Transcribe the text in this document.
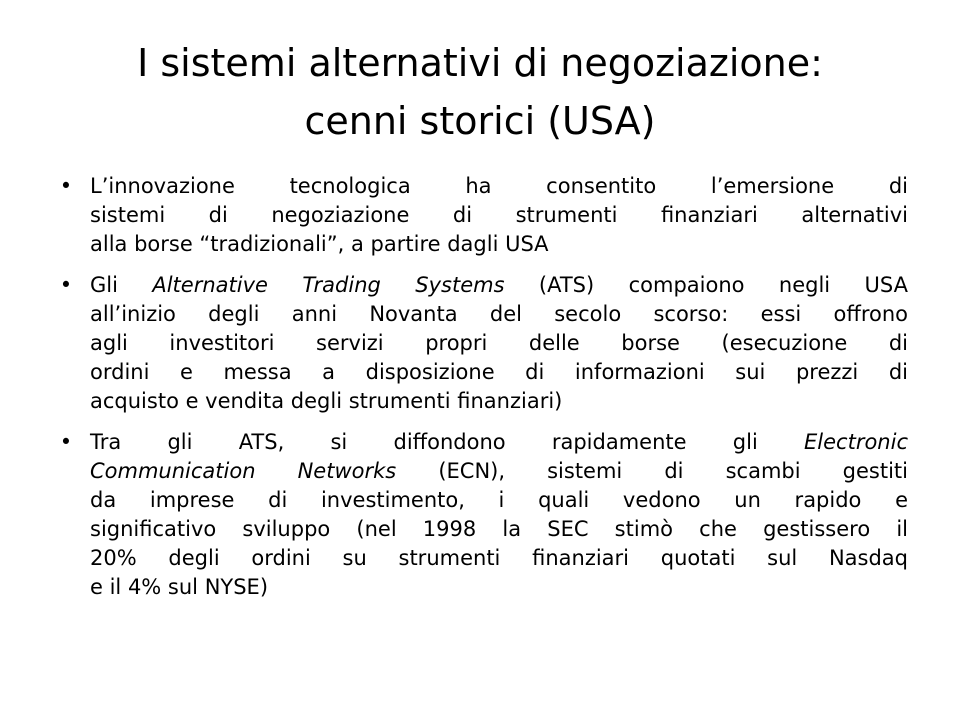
I sistemi alternativi di negoziazione:
cenni storici (USA)
• L’innovazione tecnologica ha consentito l’emersione di
sistemi di negoziazione di strumenti finanziari alternativi
alla borse “tradizionali”, a partire dagli USA
• Gli Alternative Trading Systems (ATS) compaiono negli USA
all’inizio degli anni Novanta del secolo scorso: essi offrono
agli investitori servizi propri delle borse (esecuzione di
ordini e messa a disposizione di informazioni sui prezzi di
acquisto e vendita degli strumenti finanziari)
• Tra gli ATS, si diffondono rapidamente gli Electronic
Communication Networks (ECN), sistemi di scambi gestiti
da imprese di investimento, i quali vedono un rapido e
significativo sviluppo (nel 1998 la SEC stimò che gestissero il
20% degli ordini su strumenti finanziari quotati sul Nasdaq
e il 4% sul NYSE)
